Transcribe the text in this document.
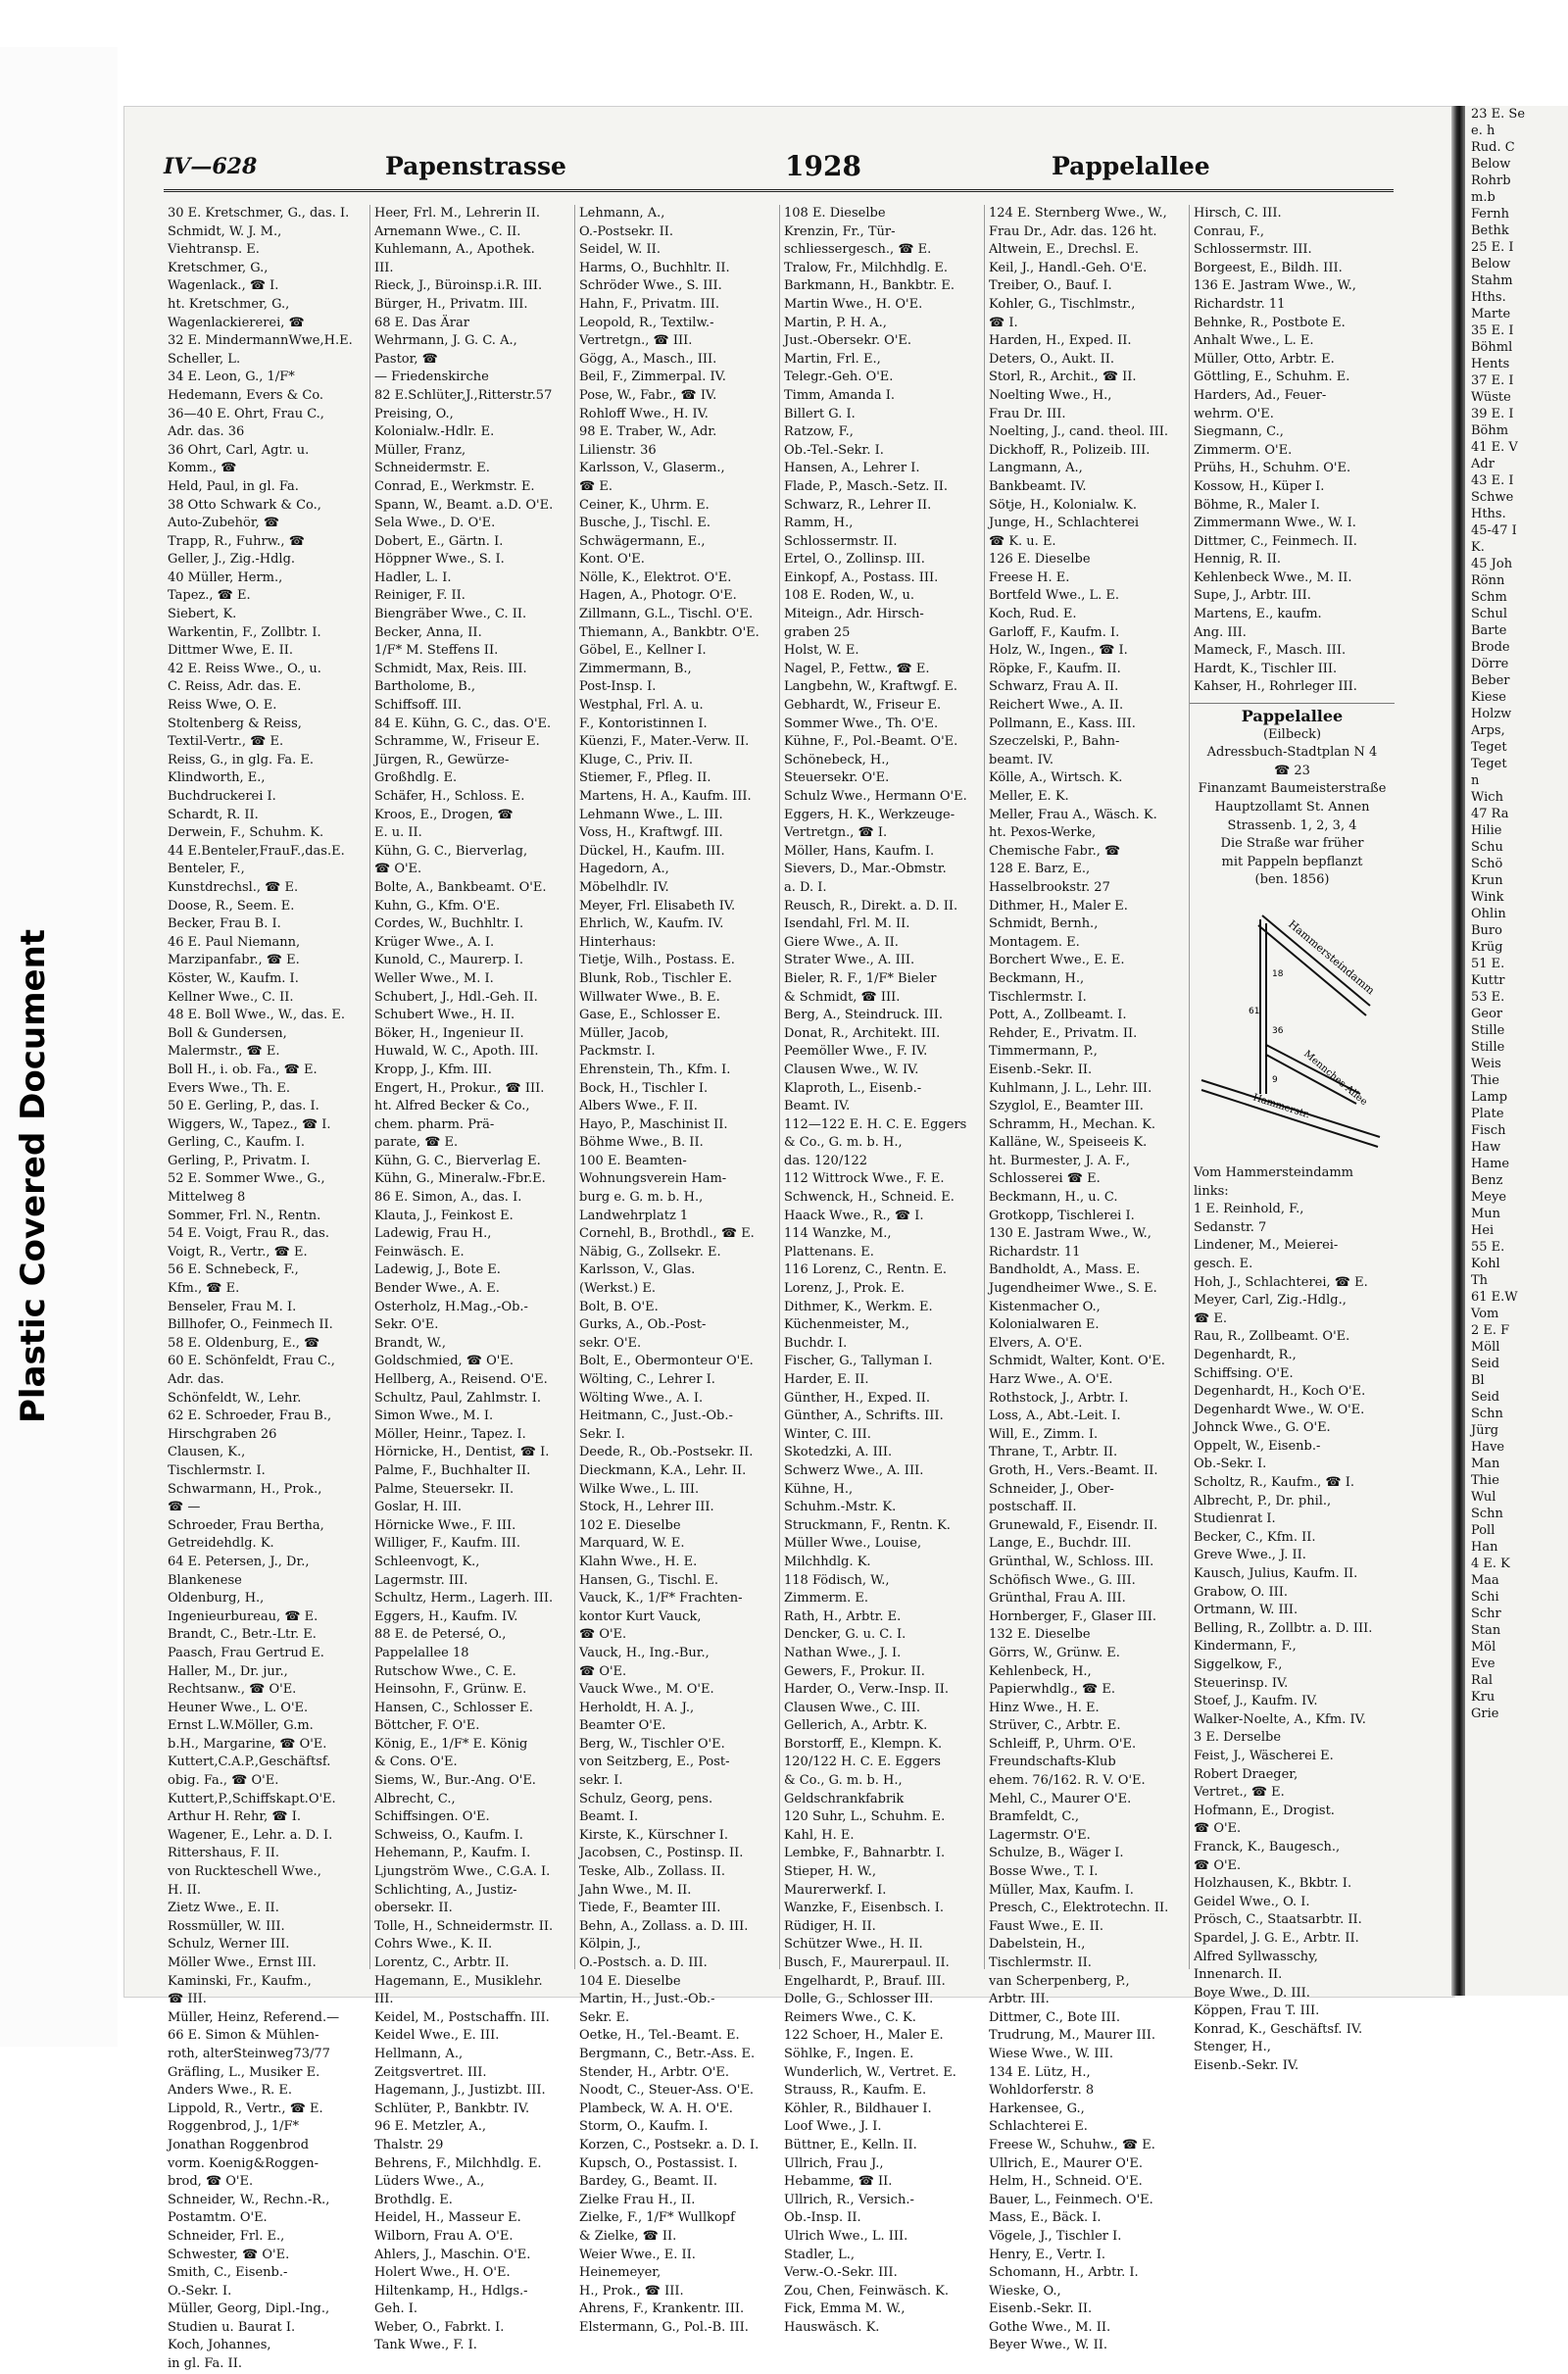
Plastic Covered Document
IV—628	Papenstrasse	1928	Pappelallee
30 E. Kretschmer, G., das. I.
Schmidt, W. J. M.,
Viehtransp. E.
Kretschmer, G.,
Wagenlack., ☎ I.
ht. Kretschmer, G.,
Wagenlackiererei, ☎
32 E. MindermannWwe,H.E.
Scheller, L.
34 E. Leon, G., 1/F*
Hedemann, Evers & Co.
36—40 E. Ohrt, Frau C.,
Adr. das. 36
36 Ohrt, Carl, Agtr. u.
Komm., ☎
Held, Paul, in gl. Fa.
38 Otto Schwark & Co.,
Auto-Zubehör, ☎
Trapp, R., Fuhrw., ☎
Geller, J., Zig.-Hdlg.
40 Müller, Herm.,
Tapez., ☎ E.
Siebert, K.
Warkentin, F., Zollbtr. I.
Dittmer Wwe, E. II.
42 E. Reiss Wwe., O., u.
C. Reiss, Adr. das. E.
Reiss Wwe, O. E.
Stoltenberg & Reiss,
Textil-Vertr., ☎ E.
Reiss, G., in glg. Fa. E.
Klindworth, E.,
Buchdruckerei I.
Schardt, R. II.
Derwein, F., Schuhm. K.
44 E.Benteler,FrauF.,das.E.
Benteler, F.,
Kunstdrechsl., ☎ E.
Doose, R., Seem. E.
Becker, Frau B. I.
46 E. Paul Niemann,
Marzipanfabr., ☎ E.
Köster, W., Kaufm. I.
Kellner Wwe., C. II.
48 E. Boll Wwe., W., das. E.
Boll & Gundersen,
Malermstr., ☎ E.
Boll H., i. ob. Fa., ☎ E.
Evers Wwe., Th. E.
50 E. Gerling, P., das. I.
Wiggers, W., Tapez., ☎ I.
Gerling, C., Kaufm. I.
Gerling, P., Privatm. I.
52 E. Sommer Wwe., G.,
Mittelweg 8
Sommer, Frl. N., Rentn.
54 E. Voigt, Frau R., das.
Voigt, R., Vertr., ☎ E.
56 E. Schnebeck, F.,
Kfm., ☎ E.
Benseler, Frau M. I.
Billhofer, O., Feinmech II.
58 E. Oldenburg, E., ☎
60 E. Schönfeldt, Frau C.,
Adr. das.
Schönfeldt, W., Lehr.
62 E. Schroeder, Frau B.,
Hirschgraben 26
Clausen, K.,
Tischlermstr. I.
Schwarmann, H., Prok.,
☎ —
Schroeder, Frau Bertha,
Getreidehdlg. K.
64 E. Petersen, J., Dr.,
Blankenese
Oldenburg, H.,
Ingenieurbureau, ☎ E.
Brandt, C., Betr.-Ltr. E.
Paasch, Frau Gertrud E.
Haller, M., Dr. jur.,
Rechtsanw., ☎ O'E.
Heuner Wwe., L. O'E.
Ernst L.W.Möller, G.m.
b.H., Margarine, ☎ O'E.
Kuttert,C.A.P.,Geschäftsf.
obig. Fa., ☎ O'E.
Kuttert,P.,Schiffskapt.O'E.
Arthur H. Rehr, ☎ I.
Wagener, E., Lehr. a. D. I.
Rittershaus, F. II.
von Ruckteschell Wwe.,
H. II.
Zietz Wwe., E. II.
Rossmüller, W. III.
Schulz, Werner III.
Möller Wwe., Ernst III.
Kaminski, Fr., Kaufm.,
☎ III.
Müller, Heinz, Referend.—
66 E. Simon & Mühlen-
roth, alterSteinweg73/77
Gräfling, L., Musiker E.
Anders Wwe., R. E.
Lippold, R., Vertr., ☎ E.
Roggenbrod, J., 1/F*
Jonathan Roggenbrod
vorm. Koenig&Roggen-
brod, ☎ O'E.
Schneider, W., Rechn.-R.,
Postamtm. O'E.
Schneider, Frl. E.,
Schwester, ☎ O'E.
Smith, C., Eisenb.-
O.-Sekr. I.
Müller, Georg, Dipl.-Ing.,
Studien u. Baurat I.
Koch, Johannes,
in gl. Fa. II.
Heer, Frl. M., Lehrerin II.
Arnemann Wwe., C. II.
Kuhlemann, A., Apothek.
III.
Rieck, J., Büroinsp.i.R. III.
Bürger, H., Privatm. III.
68 E. Das Ärar
Wehrmann, J. G. C. A.,
Pastor, ☎
— Friedenskirche
82 E.Schlüter,J.,Ritterstr.57
Preising, O.,
Kolonialw.-Hdlr. E.
Müller, Franz,
Schneidermstr. E.
Conrad, E., Werkmstr. E.
Spann, W., Beamt. a.D. O'E.
Sela Wwe., D. O'E.
Dobert, E., Gärtn. I.
Höppner Wwe., S. I.
Hadler, L. I.
Reiniger, F. II.
Biengräber Wwe., C. II.
Becker, Anna, II.
1/F* M. Steffens II.
Schmidt, Max, Reis. III.
Bartholome, B.,
Schiffsoff. III.
84 E. Kühn, G. C., das. O'E.
Schramme, W., Friseur E.
Jürgen, R., Gewürze-
Großhdlg. E.
Schäfer, H., Schloss. E.
Kroos, E., Drogen, ☎
E. u. II.
Kühn, G. C., Bierverlag,
☎ O'E.
Bolte, A., Bankbeamt. O'E.
Kuhn, G., Kfm. O'E.
Cordes, W., Buchhltr. I.
Krüger Wwe., A. I.
Kunold, C., Maurerp. I.
Weller Wwe., M. I.
Schubert, J., Hdl.-Geh. II.
Schubert Wwe., H. II.
Böker, H., Ingenieur II.
Huwald, W. C., Apoth. III.
Kropp, J., Kfm. III.
Engert, H., Prokur., ☎ III.
ht. Alfred Becker & Co.,
chem. pharm. Prä-
parate, ☎ E.
Kühn, G. C., Bierverlag E.
Kühn, G., Mineralw.-Fbr.E.
86 E. Simon, A., das. I.
Klauta, J., Feinkost E.
Ladewig, Frau H.,
Feinwäsch. E.
Ladewig, J., Bote E.
Bender Wwe., A. E.
Osterholz, H.Mag.,-Ob.-
Sekr. O'E.
Brandt, W.,
Goldschmied, ☎ O'E.
Hellberg, A., Reisend. O'E.
Schultz, Paul, Zahlmstr. I.
Simon Wwe., M. I.
Möller, Heinr., Tapez. I.
Hörnicke, H., Dentist, ☎ I.
Palme, F., Buchhalter II.
Palme, Steuersekr. II.
Goslar, H. III.
Hörnicke Wwe., F. III.
Williger, F., Kaufm. III.
Schleenvogt, K.,
Lagermstr. III.
Schultz, Herm., Lagerh. III.
Eggers, H., Kaufm. IV.
88 E. de Petersé, O.,
Pappelallee 18
Rutschow Wwe., C. E.
Heinsohn, F., Grünw. E.
Hansen, C., Schlosser E.
Böttcher, F. O'E.
König, E., 1/F* E. König
& Cons. O'E.
Siems, W., Bur.-Ang. O'E.
Albrecht, C.,
Schiffsingen. O'E.
Schweiss, O., Kaufm. I.
Hehemann, P., Kaufm. I.
Ljungström Wwe., C.G.A. I.
Schlichting, A., Justiz-
obersekr. II.
Tolle, H., Schneidermstr. II.
Cohrs Wwe., K. II.
Lorentz, C., Arbtr. II.
Hagemann, E., Musiklehr.
III.
Keidel, M., Postschaffn. III.
Keidel Wwe., E. III.
Hellmann, A.,
Zeitgsvertret. III.
Hagemann, J., Justizbt. III.
Schlüter, P., Bankbtr. IV.
96 E. Metzler, A.,
Thalstr. 29
Behrens, F., Milchhdlg. E.
Lüders Wwe., A.,
Brothdlg. E.
Heidel, H., Masseur E.
Wilborn, Frau A. O'E.
Ahlers, J., Maschin. O'E.
Holert Wwe., H. O'E.
Hiltenkamp, H., Hdlgs.-
Geh. I.
Weber, O., Fabrkt. I.
Tank Wwe., F. I.
Lehmann, A.,
O.-Postsekr. II.
Seidel, W. II.
Harms, O., Buchhltr. II.
Schröder Wwe., S. III.
Hahn, F., Privatm. III.
Leopold, R., Textilw.-
Vertretgn., ☎ III.
Gögg, A., Masch., III.
Beil, F., Zimmerpal. IV.
Pose, W., Fabr., ☎ IV.
Rohloff Wwe., H. IV.
98 E. Traber, W., Adr.
Lilienstr. 36
Karlsson, V., Glaserm.,
☎ E.
Ceiner, K., Uhrm. E.
Busche, J., Tischl. E.
Schwägermann, E.,
Kont. O'E.
Nölle, K., Elektrot. O'E.
Hagen, A., Photogr. O'E.
Zillmann, G.L., Tischl. O'E.
Thiemann, A., Bankbtr. O'E.
Göbel, E., Kellner I.
Zimmermann, B.,
Post-Insp. I.
Westphal, Frl. A. u.
F., Kontoristinnen I.
Küenzi, F., Mater.-Verw. II.
Kluge, C., Priv. II.
Stiemer, F., Pfleg. II.
Martens, H. A., Kaufm. III.
Lehmann Wwe., L. III.
Voss, H., Kraftwgf. III.
Dückel, H., Kaufm. III.
Hagedorn, A.,
Möbelhdlr. IV.
Meyer, Frl. Elisabeth IV.
Ehrlich, W., Kaufm. IV.
Hinterhaus:
Tietje, Wilh., Postass. E.
Blunk, Rob., Tischler E.
Willwater Wwe., B. E.
Gase, E., Schlosser E.
Müller, Jacob,
Packmstr. I.
Ehrenstein, Th., Kfm. I.
Bock, H., Tischler I.
Albers Wwe., F. II.
Hayo, P., Maschinist II.
Böhme Wwe., B. II.
100 E. Beamten-
Wohnungsverein Ham-
burg e. G. m. b. H.,
Landwehrplatz 1
Cornehl, B., Brothdl., ☎ E.
Näbig, G., Zollsekr. E.
Karlsson, V., Glas.
(Werkst.) E.
Bolt, B. O'E.
Gurks, A., Ob.-Post-
sekr. O'E.
Bolt, E., Obermonteur O'E.
Wölting, C., Lehrer I.
Wölting Wwe., A. I.
Heitmann, C., Just.-Ob.-
Sekr. I.
Deede, R., Ob.-Postsekr. II.
Dieckmann, K.A., Lehr. II.
Wilke Wwe., L. III.
Stock, H., Lehrer III.
102 E. Dieselbe
Marquard, W. E.
Klahn Wwe., H. E.
Hansen, G., Tischl. E.
Vauck, K., 1/F* Frachten-
kontor Kurt Vauck,
☎ O'E.
Vauck, H., Ing.-Bur.,
☎ O'E.
Vauck Wwe., M. O'E.
Herholdt, H. A. J.,
Beamter O'E.
Berg, W., Tischler O'E.
von Seitzberg, E., Post-
sekr. I.
Schulz, Georg, pens.
Beamt. I.
Kirste, K., Kürschner I.
Jacobsen, C., Postinsp. II.
Teske, Alb., Zollass. II.
Jahn Wwe., M. II.
Tiede, F., Beamter III.
Behn, A., Zollass. a. D. III.
Kölpin, J.,
O.-Postsch. a. D. III.
104 E. Dieselbe
Martin, H., Just.-Ob.-
Sekr. E.
Oetke, H., Tel.-Beamt. E.
Bergmann, C., Betr.-Ass. E.
Stender, H., Arbtr. O'E.
Noodt, C., Steuer-Ass. O'E.
Plambeck, W. A. H. O'E.
Storm, O., Kaufm. I.
Korzen, C., Postsekr. a. D. I.
Kupsch, O., Postassist. I.
Bardey, G., Beamt. II.
Zielke Frau H., II.
Zielke, F., 1/F* Wullkopf
& Zielke, ☎ II.
Weier Wwe., E. II.
Heinemeyer,
H., Prok., ☎ III.
Ahrens, F., Krankentr. III.
Elstermann, G., Pol.-B. III.
108 E. Dieselbe
Krenzin, Fr., Tür-
schliessergesch., ☎ E.
Tralow, Fr., Milchhdlg. E.
Barkmann, H., Bankbtr. E.
Martin Wwe., H. O'E.
Martin, P. H. A.,
Just.-Obersekr. O'E.
Martin, Frl. E.,
Telegr.-Geh. O'E.
Timm, Amanda I.
Billert G. I.
Ratzow, F.,
Ob.-Tel.-Sekr. I.
Hansen, A., Lehrer I.
Flade, P., Masch.-Setz. II.
Schwarz, R., Lehrer II.
Ramm, H.,
Schlossermstr. II.
Ertel, O., Zollinsp. III.
Einkopf, A., Postass. III.
108 E. Roden, W., u.
Miteign., Adr. Hirsch-
graben 25
Holst, W. E.
Nagel, P., Fettw., ☎ E.
Langbehn, W., Kraftwgf. E.
Gebhardt, W., Friseur E.
Sommer Wwe., Th. O'E.
Kühne, F., Pol.-Beamt. O'E.
Schönebeck, H.,
Steuersekr. O'E.
Schulz Wwe., Hermann O'E.
Eggers, H. K., Werkzeuge-
Vertretgn., ☎ I.
Möller, Hans, Kaufm. I.
Sievers, D., Mar.-Obmstr.
a. D. I.
Reusch, R., Direkt. a. D. II.
Isendahl, Frl. M. II.
Giere Wwe., A. II.
Strater Wwe., A. III.
Bieler, R. F., 1/F* Bieler
& Schmidt, ☎ III.
Berg, A., Steindruck. III.
Donat, R., Architekt. III.
Peemöller Wwe., F. IV.
Clausen Wwe., W. IV.
Klaproth, L., Eisenb.-
Beamt. IV.
112—122 E. H. C. E. Eggers
& Co., G. m. b. H.,
das. 120/122
112 Wittrock Wwe., F. E.
Schwenck, H., Schneid. E.
Haack Wwe., R., ☎ I.
114 Wanzke, M.,
Plattenans. E.
116 Lorenz, C., Rentn. E.
Lorenz, J., Prok. E.
Dithmer, K., Werkm. E.
Küchenmeister, M.,
Buchdr. I.
Fischer, G., Tallyman I.
Harder, E. II.
Günther, H., Exped. II.
Günther, A., Schrifts. III.
Winter, C. III.
Skotedzki, A. III.
Schwerz Wwe., A. III.
Kühne, H.,
Schuhm.-Mstr. K.
Struckmann, F., Rentn. K.
Müller Wwe., Louise,
Milchhdlg. K.
118 Födisch, W.,
Zimmerm. E.
Rath, H., Arbtr. E.
Dencker, G. u. C. I.
Nathan Wwe., J. I.
Gewers, F., Prokur. II.
Harder, O., Verw.-Insp. II.
Clausen Wwe., C. III.
Gellerich, A., Arbtr. K.
Borstorff, E., Klempn. K.
120/122 H. C. E. Eggers
& Co., G. m. b. H.,
Geldschrankfabrik
120 Suhr, L., Schuhm. E.
Kahl, H. E.
Lembke, F., Bahnarbtr. I.
Stieper, H. W.,
Maurerwerkf. I.
Wanzke, F., Eisenbsch. I.
Rüdiger, H. II.
Schützer Wwe., H. II.
Busch, F., Maurerpaul. II.
Engelhardt, P., Brauf. III.
Dolle, G., Schlosser III.
Reimers Wwe., C. K.
122 Schoer, H., Maler E.
Söhlke, F., Ingen. E.
Wunderlich, W., Vertret. E.
Strauss, R., Kaufm. E.
Köhler, R., Bildhauer I.
Loof Wwe., J. I.
Büttner, E., Kelln. II.
Ullrich, Frau J.,
Hebamme, ☎ II.
Ullrich, R., Versich.-
Ob.-Insp. II.
Ulrich Wwe., L. III.
Stadler, L.,
Verw.-O.-Sekr. III.
Zou, Chen, Feinwäsch. K.
Fick, Emma M. W.,
Hauswäsch. K.
124 E. Sternberg Wwe., W.,
Frau Dr., Adr. das. 126 ht.
Altwein, E., Drechsl. E.
Keil, J., Handl.-Geh. O'E.
Treiber, O., Bauf. I.
Kohler, G., Tischlmstr.,
☎ I.
Harden, H., Exped. II.
Deters, O., Aukt. II.
Storl, R., Archit., ☎ II.
Noelting Wwe., H.,
Frau Dr. III.
Noelting, J., cand. theol. III.
Dickhoff, R., Polizeib. III.
Langmann, A.,
Bankbeamt. IV.
Sötje, H., Kolonialw. K.
Junge, H., Schlachterei
☎ K. u. E.
126 E. Dieselbe
Freese H. E.
Bortfeld Wwe., L. E.
Koch, Rud. E.
Garloff, F., Kaufm. I.
Holz, W., Ingen., ☎ I.
Röpke, F., Kaufm. II.
Schwarz, Frau A. II.
Reichert Wwe., A. II.
Pollmann, E., Kass. III.
Szeczelski, P., Bahn-
beamt. IV.
Kölle, A., Wirtsch. K.
Meller, E. K.
Meller, Frau A., Wäsch. K.
ht. Pexos-Werke,
Chemische Fabr., ☎
128 E. Barz, E.,
Hasselbrookstr. 27
Dithmer, H., Maler E.
Schmidt, Bernh.,
Montagem. E.
Borchert Wwe., E. E.
Beckmann, H.,
Tischlermstr. I.
Pott, A., Zollbeamt. I.
Rehder, E., Privatm. II.
Timmermann, P.,
Eisenb.-Sekr. II.
Kuhlmann, J. L., Lehr. III.
Szyglol, E., Beamter III.
Schramm, H., Mechan. K.
Kalläne, W., Speiseeis K.
ht. Burmester, J. A. F.,
Schlosserei ☎ E.
Beckmann, H., u. C.
Grotkopp, Tischlerei I.
130 E. Jastram Wwe., W.,
Richardstr. 11
Bandholdt, A., Mass. E.
Jugendheimer Wwe., S. E.
Kistenmacher O.,
Kolonialwaren E.
Elvers, A. O'E.
Schmidt, Walter, Kont. O'E.
Harz Wwe., A. O'E.
Rothstock, J., Arbtr. I.
Loss, A., Abt.-Leit. I.
Will, E., Zimm. I.
Thrane, T., Arbtr. II.
Groth, H., Vers.-Beamt. II.
Schneider, J., Ober-
postschaff. II.
Grunewald, F., Eisendr. II.
Lange, E., Buchdr. III.
Grünthal, W., Schloss. III.
Schöfisch Wwe., G. III.
Grünthal, Frau A. III.
Hornberger, F., Glaser III.
132 E. Dieselbe
Görrs, W., Grünw. E.
Kehlenbeck, H.,
Papierwhdlg., ☎ E.
Hinz Wwe., H. E.
Strüver, C., Arbtr. E.
Schleiff, P., Uhrm. O'E.
Freundschafts-Klub
ehem. 76/162. R. V. O'E.
Mehl, C., Maurer O'E.
Bramfeldt, C.,
Lagermstr. O'E.
Schulze, B., Wäger I.
Bosse Wwe., T. I.
Müller, Max, Kaufm. I.
Presch, C., Elektrotechn. II.
Faust Wwe., E. II.
Dabelstein, H.,
Tischlermstr. II.
van Scherpenberg, P.,
Arbtr. III.
Dittmer, C., Bote III.
Trudrung, M., Maurer III.
Wiese Wwe., W. III.
134 E. Lütz, H.,
Wohldorferstr. 8
Harkensee, G.,
Schlachterei E.
Freese W., Schuhw., ☎ E.
Ullrich, E., Maurer O'E.
Helm, H., Schneid. O'E.
Bauer, L., Feinmech. O'E.
Mass, E., Bäck. I.
Vögele, J., Tischler I.
Henry, E., Vertr. I.
Schomann, H., Arbtr. I.
Wieske, O.,
Eisenb.-Sekr. II.
Gothe Wwe., M. II.
Beyer Wwe., W. II.
Hirsch, C. III.
Conrau, F.,
Schlossermstr. III.
Borgeest, E., Bildh. III.
136 E. Jastram Wwe., W.,
Richardstr. 11
Behnke, R., Postbote E.
Anhalt Wwe., L. E.
Müller, Otto, Arbtr. E.
Göttling, E., Schuhm. E.
Harders, Ad., Feuer-
wehrm. O'E.
Siegmann, C.,
Zimmerm. O'E.
Prühs, H., Schuhm. O'E.
Kossow, H., Küper I.
Böhme, R., Maler I.
Zimmermann Wwe., W. I.
Dittmer, C., Feinmech. II.
Hennig, R. II.
Kehlenbeck Wwe., M. II.
Supe, J., Arbtr. III.
Martens, E., kaufm.
Ang. III.
Mameck, F., Masch. III.
Hardt, K., Tischler III.
Kahser, H., Rohrleger III.
Pappelallee
(Eilbeck)
Adressbuch-Stadtplan N 4
☎ 23
Finanzamt Baumeisterstraße
Hauptzollamt St. Annen
Strassenb. 1, 2, 3, 4
Die Straße war früher
mit Pappeln bepflanzt
(ben. 1856)
Hammersteindamm
Mennches Allee
Hammerstr.
18
61
36
9
Vom Hammersteindamm
links:
1 E. Reinhold, F.,
Sedanstr. 7
Lindener, M., Meierei-
gesch. E.
Hoh, J., Schlachterei, ☎ E.
Meyer, Carl, Zig.-Hdlg.,
☎ E.
Rau, R., Zollbeamt. O'E.
Degenhardt, R.,
Schiffsing. O'E.
Degenhardt, H., Koch O'E.
Degenhardt Wwe., W. O'E.
Johnck Wwe., G. O'E.
Oppelt, W., Eisenb.-
Ob.-Sekr. I.
Scholtz, R., Kaufm., ☎ I.
Albrecht, P., Dr. phil.,
Studienrat I.
Becker, C., Kfm. II.
Greve Wwe., J. II.
Kausch, Julius, Kaufm. II.
Grabow, O. III.
Ortmann, W. III.
Belling, R., Zollbtr. a. D. III.
Kindermann, F.,
Siggelkow, F.,
Steuerinsp. IV.
Stoef, J., Kaufm. IV.
Walker-Noelte, A., Kfm. IV.
3 E. Derselbe
Feist, J., Wäscherei E.
Robert Draeger,
Vertret., ☎ E.
Hofmann, E., Drogist.
☎ O'E.
Franck, K., Baugesch.,
☎ O'E.
Holzhausen, K., Bkbtr. I.
Geidel Wwe., O. I.
Prösch, C., Staatsarbtr. II.
Spardel, J. G. E., Arbtr. II.
Alfred Syllwasschy,
Innenarch. II.
Boye Wwe., D. III.
Köppen, Frau T. III.
Konrad, K., Geschäftsf. IV.
Stenger, H.,
Eisenb.-Sekr. IV.
23 E. Se
e. h
Rud. C
Below
Rohrb
m.b
Fernh
Bethk
25 E. I
Below
Stahm
Hths.
Marte
35 E. I
Böhml
Hents
37 E. I
Wüste
39 E. I
Böhm
41 E. V
Adr
43 E. I
Schwe
Hths.
45-47 I
K.
45 Joh
Rönn
Schm
Schul
Barte
Brode
Dörre
Beber
Kiese
Holzw
Arps,
Teget
Teget
n
Wich
47 Ra
Hilie
Schu
Schö
Krun
Wink
Ohlin
Buro
Krüg
51 E.
Kuttr
53 E.
Geor
Stille
Stille
Weis
Thie
Lamp
Plate
Fisch
Haw
Hame
Benz
Meye
Mun
Hei
55 E.
Kohl
Th
61 E.W
Vom
2 E. F
Möll
Seid
Bl
Seid
Schn
Jürg
Have
Man
Thie
Wul
Schn
Poll
Han
4 E. K
Maa
Schi
Schr
Stan
Möl
Eve
Ral
Kru
Grie
